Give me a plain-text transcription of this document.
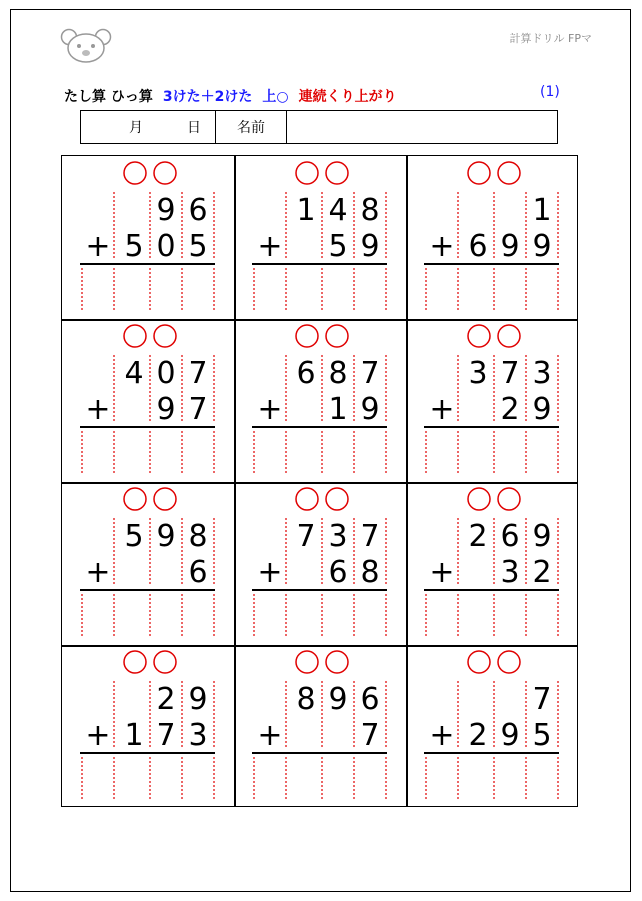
計算ドリル FPマ
たし算 ひっ算 3けた＋2けた 上○ 連続くり上がり	(1)
月	日	名前
6
9
5
0
5
+
8
4
1
9
5
+
1
9
9
6
+
7
0
4
7
9
+
7
8
6
9
1
+
3
7
3
9
2
+
8
9
5
6
+
7
3
7
8
6
+
9
6
2
2
3
+
9
2
3
7
1
+
6
9
8
7
+
7
5
9
2
+
